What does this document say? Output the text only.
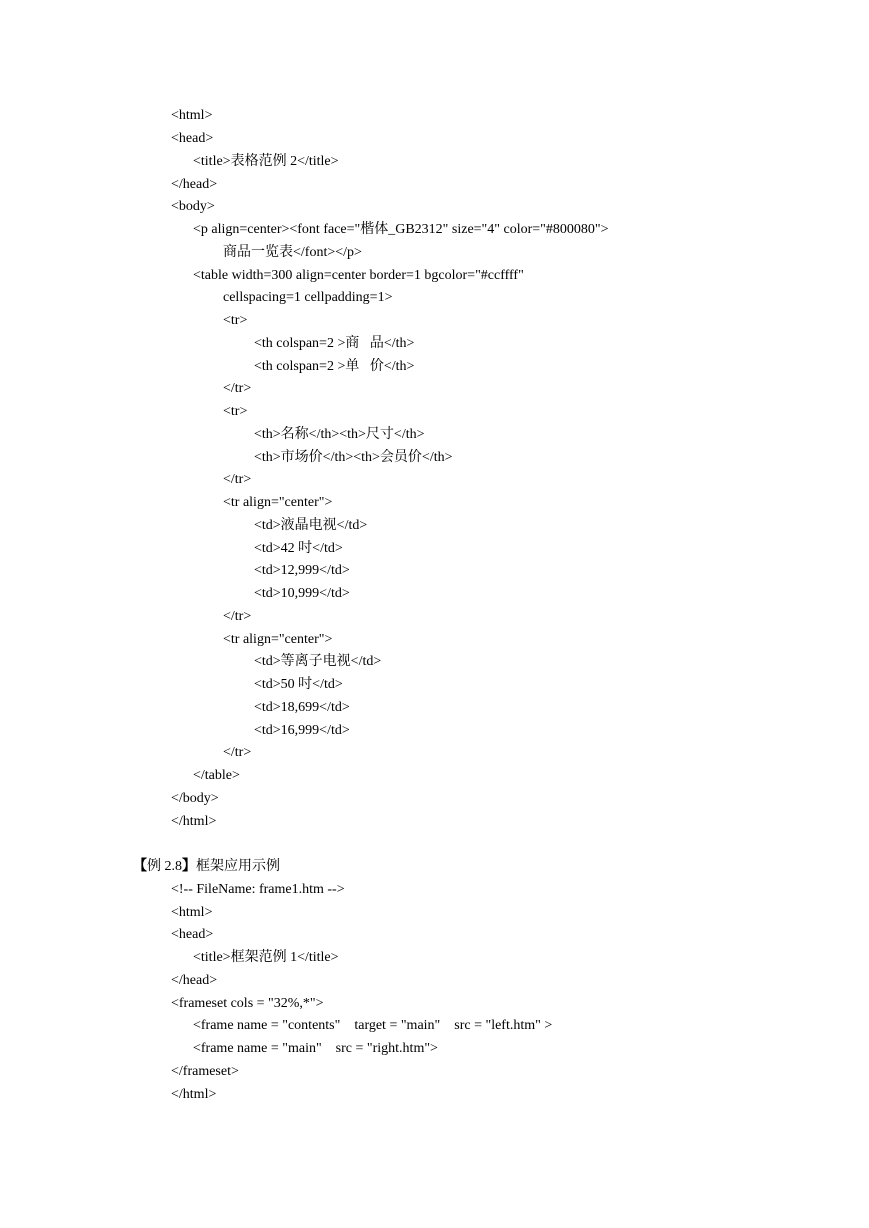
<html>
<head>
<title>表格范例 2</title>
</head>
<body>
<p align=center><font face="楷体_GB2312" size="4" color="#800080">
商品一览表</font></p>
<table width=300 align=center border=1 bgcolor="#ccffff"
cellspacing=1 cellpadding=1>
<tr>
<th colspan=2 >商   品</th>
<th colspan=2 >单   价</th>
</tr>
<tr>
<th>名称</th><th>尺寸</th>
<th>市场价</th><th>会员价</th>
</tr>
<tr align="center">
<td>液晶电视</td>
<td>42 吋</td>
<td>12,999</td>
<td>10,999</td>
</tr>
<tr align="center">
<td>等离子电视</td>
<td>50 吋</td>
<td>18,699</td>
<td>16,999</td>
</tr>
</table>
</body>
</html>
【例 2.8】框架应用示例
<!-- FileName: frame1.htm -->
<html>
<head>
<title>框架范例 1</title>
</head>
<frameset cols = "32%,*">
<frame name = "contents"    target = "main"    src = "left.htm" >
<frame name = "main"    src = "right.htm">
</frameset>
</html>
